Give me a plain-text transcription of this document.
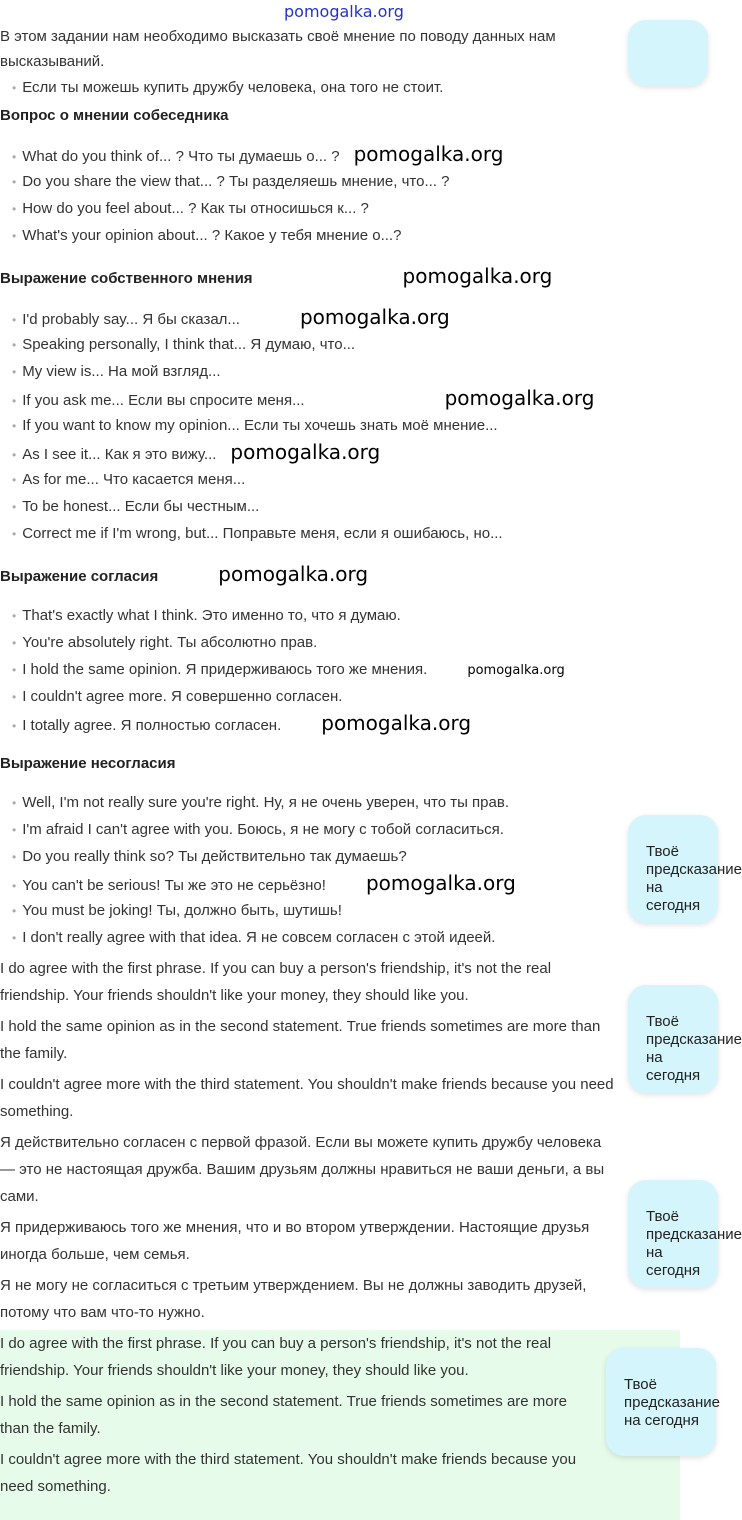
pomogalka.org

В этом задании нам необходимо высказать своё мнение по поводу данных нам высказываний.

• Если ты можешь купить дружбу человека, она того не стоит.
Вопрос о мнении собеседника
• What do you think of... ? Что ты думаешь о... ? pomogalka.org
• Do you share the view that... ? Ты разделяешь мнение, что... ?
• How do you feel about... ? Как ты относишься к... ?
• What's your opinion about... ? Какое у тебя мнение о...?
Выражение собственного мнения	pomogalka.org
• I'd probably say... Я бы сказал...	pomogalka.org
• Speaking personally, I think that... Я думаю, что...
• My view is... На мой взгляд...
• If you ask me... Если вы спросите меня...	pomogalka.org
• If you want to know my opinion... Если ты хочешь знать моё мнение...
• As I see it... Как я это вижу... pomogalka.org
• As for me... Что касается меня...
• To be honest... Если бы честным...
• Correct me if I'm wrong, but... Поправьте меня, если я ошибаюсь, но...
Выражение согласия	pomogalka.org
• That's exactly what I think. Это именно то, что я думаю.
• You're absolutely right. Ты абсолютно прав.
• I hold the same opinion. Я придерживаюсь того же мнения.	pomogalka.org
• I couldn't agree more. Я совершенно согласен.
• I totally agree. Я полностью согласен. pomogalka.org
Выражение несогласия
• Well, I'm not really sure you're right. Ну, я не очень уверен, что ты прав.
• I'm afraid I can't agree with you. Боюсь, я не могу с тобой согласиться.
• Do you really think so? Ты действительно так думаешь?
• You can't be serious! Ты же это не серьёзно! pomogalka.org
• You must be joking! Ты, должно быть, шутишь!
• I don't really agree with that idea. Я не совсем согласен с этой идеей.

I do agree with the first phrase. If you can buy a person's friendship, it's not the real friendship. Your friends shouldn't like your money, they should like you.

I hold the same opinion as in the second statement. True friends sometimes are more than the family.

I couldn't agree more with the third statement. You shouldn't make friends because you need something.

Я действительно согласен с первой фразой. Если вы можете купить дружбу человека — это не настоящая дружба. Вашим друзьям должны нравиться не ваши деньги, а вы сами.

Я придерживаюсь того же мнения, что и во втором утверждении. Настоящие друзья иногда больше, чем семья.

Я не могу не согласиться с третьим утверждением. Вы не должны заводить друзей, потому что вам что-то нужно.

I do agree with the first phrase. If you can buy a person's friendship, it's not the real friendship. Your friends shouldn't like your money, they should like you.

I hold the same opinion as in the second statement. True friends sometimes are more than the family.

I couldn't agree more with the third statement. You shouldn't make friends because you need something.

Твоё предсказание на сегодня
Твоё предсказание на сегодня
Твоё предсказание на сегодня
Твоё предсказание на сегодня
